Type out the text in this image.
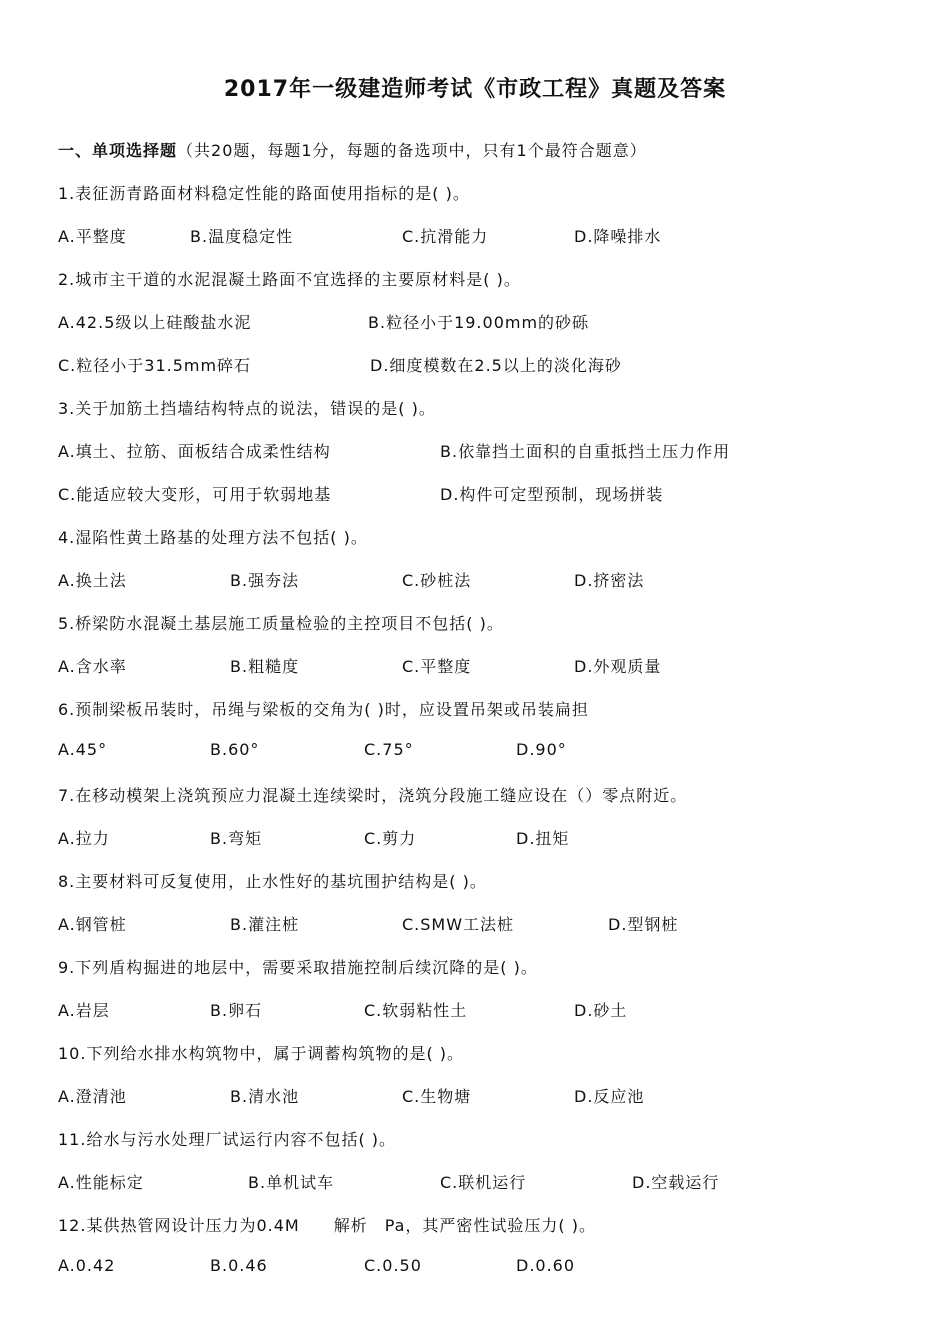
2017年一级建造师考试《市政工程》真题及答案
一、单项选择题（共20题，每题1分，每题的备选项中，只有1个最符合题意）
1.表征沥青路面材料稳定性能的路面使用指标的是( )。
A.平整度	B.温度稳定性	C.抗滑能力	D.降噪排水
2.城市主干道的水泥混凝土路面不宜选择的主要原材料是( )。
A.42.5级以上硅酸盐水泥	B.粒径小于19.00mm的砂砾
C.粒径小于31.5mm碎石	D.细度模数在2.5以上的淡化海砂
3.关于加筋土挡墙结构特点的说法，错误的是( )。
A.填土、拉筋、面板结合成柔性结构	B.依靠挡土面积的自重抵挡土压力作用
C.能适应较大变形，可用于软弱地基	D.构件可定型预制，现场拼装
4.湿陷性黄土路基的处理方法不包括( )。
A.换土法	B.强夯法	C.砂桩法	D.挤密法
5.桥梁防水混凝土基层施工质量检验的主控项目不包括( )。
A.含水率	B.粗糙度	C.平整度	D.外观质量
6.预制梁板吊装时，吊绳与梁板的交角为( )时，应设置吊架或吊装扁担
A.45°	B.60°	C.75°	D.90°
7.在移动模架上浇筑预应力混凝土连续梁时，浇筑分段施工缝应设在（）零点附近。
A.拉力	B.弯矩	C.剪力	D.扭矩
8.主要材料可反复使用，止水性好的基坑围护结构是( )。
A.钢管桩	B.灌注桩	C.SMW工法桩	D.型钢桩
9.下列盾构掘进的地层中，需要采取措施控制后续沉降的是( )。
A.岩层	B.卵石	C.软弱粘性土	D.砂土
10.下列给水排水构筑物中，属于调蓄构筑物的是( )。
A.澄清池	B.清水池	C.生物塘	D.反应池
11.给水与污水处理厂试运行内容不包括( )。
A.性能标定	B.单机试车	C.联机运行	D.空载运行
12.某供热管网设计压力为0.4M　　解析　Pa，其严密性试验压力( )。
A.0.42	B.0.46	C.0.50	D.0.60
